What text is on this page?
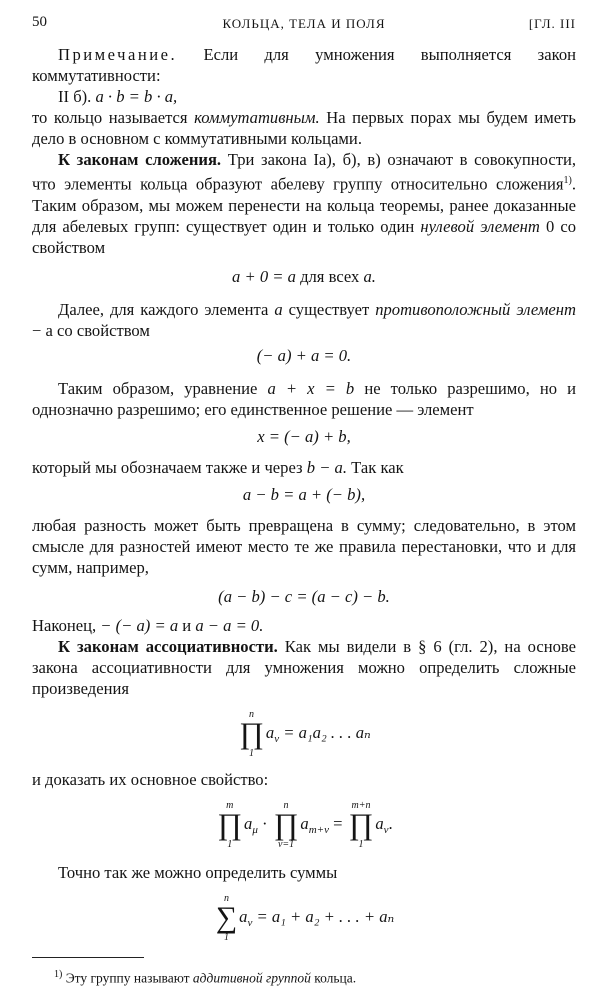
50	КОЛЬЦА, ТЕЛА И ПОЛЯ	[ГЛ. III

Примечание. Если для умножения выполняется закон коммутативности:

II б). a · b = b · a,

то кольцо называется коммутативным. На первых порах мы будем иметь дело в основном с коммутативными кольцами.

К законам сложения. Три закона Iа), б), в) означают в совокупности, что элементы кольца образуют абелеву группу относительно сложения$^{1)}$. Таким образом, мы можем перенести на кольца теоремы, ранее доказанные для абелевых групп: существует один и только один нулевой элемент 0 со свойством

a + 0 = a для всех a.

Далее, для каждого элемента a существует противоположный элемент − a со свойством

(− a) + a = 0.

Таким образом, уравнение a + x = b не только разрешимо, но и однозначно разрешимо; его единственное решение — элемент

x = (− a) + b,

который мы обозначаем также и через b − a. Так как

a − b = a + (− b),

любая разность может быть превращена в сумму; следовательно, в этом смысле для разностей имеют место те же правила перестановки, что и для сумм, например,

(a − b) − c = (a − c) − b.

Наконец, − (− a) = a и a − a = 0.

К законам ассоциативности. Как мы видели в § 6 (гл. 2), на основе закона ассоциативности для умножения можно определить сложные произведения

n
∏
1
$a_\nu = a_1a_2$ . . . aₙ

и доказать их основное свойство:

m
∏
1
$a_\mu$ ·
n
∏
ν=1
$a_{m+\nu}$ =
m+n
∏
1
$a_\nu$.

Точно так же можно определить суммы

n
∑
1
$a_\nu = a_1 + a_2$ + . . . + aₙ

$^{1)}$ Эту группу называют аддитивной группой кольца.
